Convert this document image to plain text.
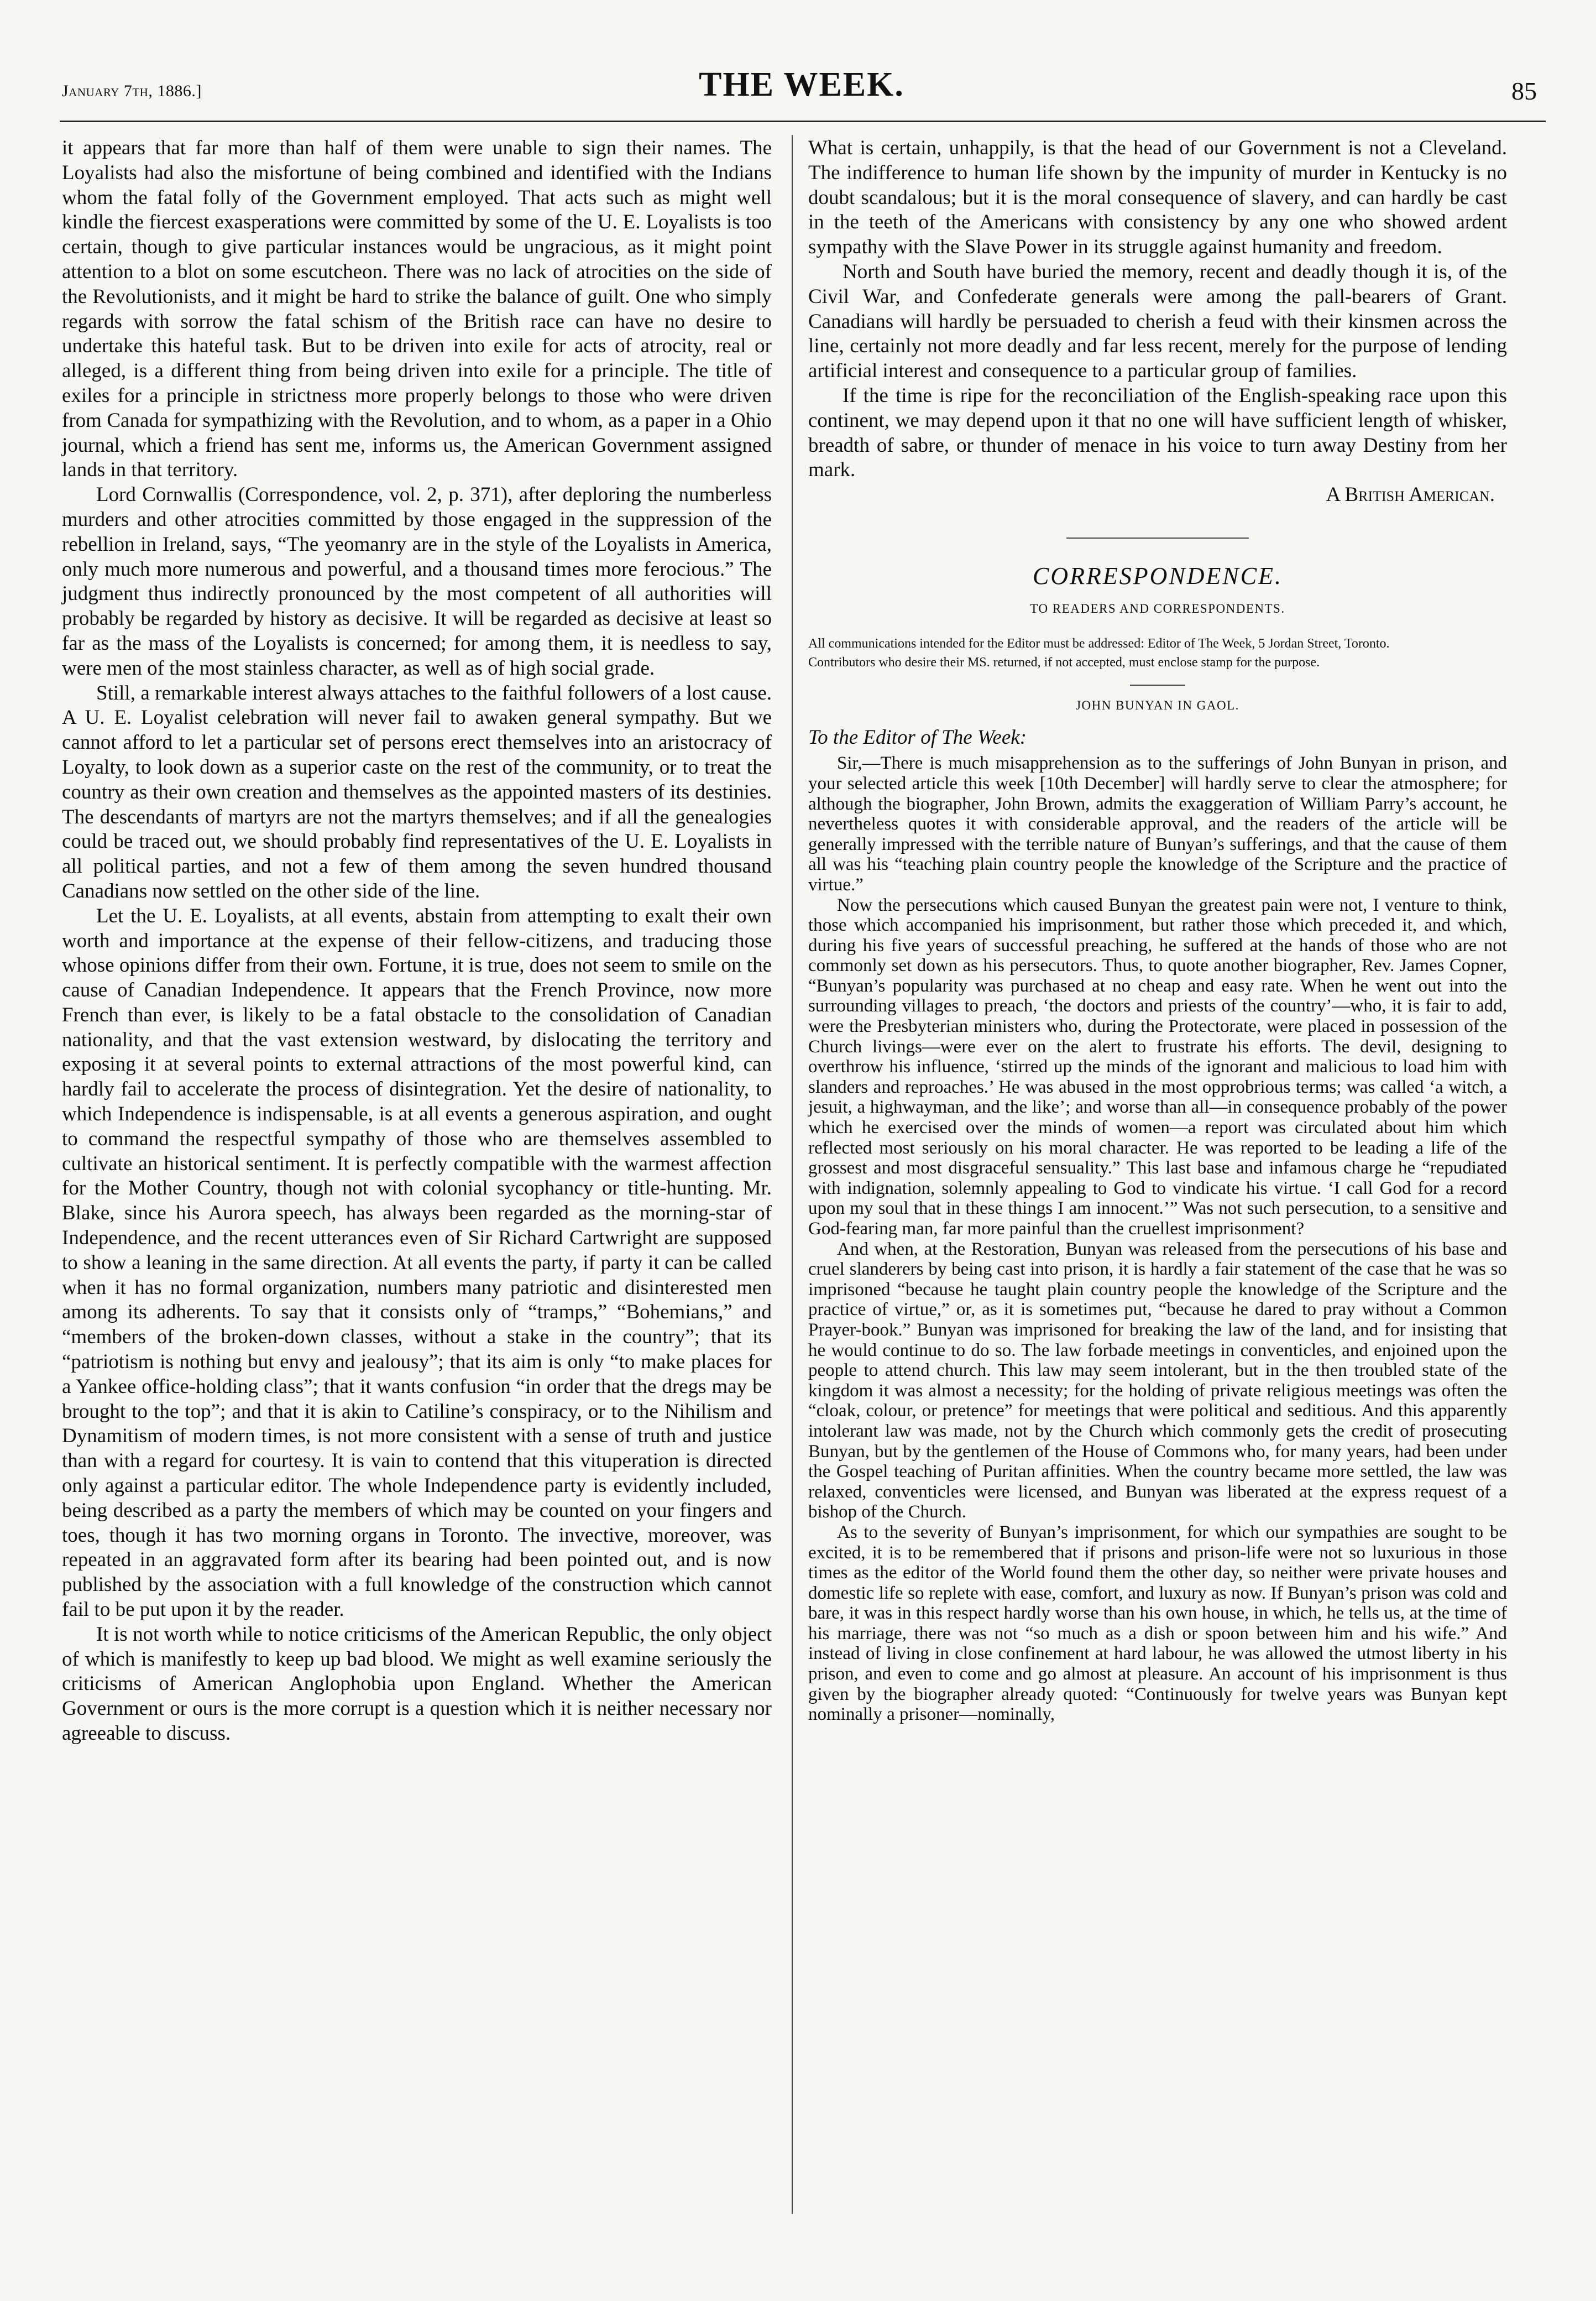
January 7th, 1886.]	THE WEEK.	85

it appears that far more than half of them were unable to sign their names. The Loyalists had also the misfortune of being combined and identified with the Indians whom the fatal folly of the Government employed. That acts such as might well kindle the fiercest exasperations were committed by some of the U. E. Loyalists is too certain, though to give particular instances would be ungracious, as it might point attention to a blot on some escutcheon. There was no lack of atrocities on the side of the Revolutionists, and it might be hard to strike the balance of guilt. One who simply regards with sorrow the fatal schism of the British race can have no desire to undertake this hateful task. But to be driven into exile for acts of atrocity, real or alleged, is a different thing from being driven into exile for a principle. The title of exiles for a principle in strictness more properly belongs to those who were driven from Canada for sympathizing with the Revolution, and to whom, as a paper in a Ohio journal, which a friend has sent me, informs us, the American Government assigned lands in that territory.

Lord Cornwallis (Correspondence, vol. 2, p. 371), after deploring the numberless murders and other atrocities committed by those engaged in the suppression of the rebellion in Ireland, says, “The yeomanry are in the style of the Loyalists in America, only much more numerous and powerful, and a thousand times more ferocious.” The judgment thus indirectly pronounced by the most competent of all authorities will probably be regarded by history as decisive. It will be regarded as decisive at least so far as the mass of the Loyalists is concerned; for among them, it is needless to say, were men of the most stainless character, as well as of high social grade.

Still, a remarkable interest always attaches to the faithful followers of a lost cause. A U. E. Loyalist celebration will never fail to awaken general sympathy. But we cannot afford to let a particular set of persons erect themselves into an aristocracy of Loyalty, to look down as a superior caste on the rest of the community, or to treat the country as their own creation and themselves as the appointed masters of its destinies. The descendants of martyrs are not the martyrs themselves; and if all the genealogies could be traced out, we should probably find representatives of the U. E. Loyalists in all political parties, and not a few of them among the seven hundred thousand Canadians now settled on the other side of the line.

Let the U. E. Loyalists, at all events, abstain from attempting to exalt their own worth and importance at the expense of their fellow-citizens, and traducing those whose opinions differ from their own. Fortune, it is true, does not seem to smile on the cause of Canadian Independence. It appears that the French Province, now more French than ever, is likely to be a fatal obstacle to the consolidation of Canadian nationality, and that the vast extension westward, by dislocating the territory and exposing it at several points to external attractions of the most powerful kind, can hardly fail to accelerate the process of disintegration. Yet the desire of nationality, to which Independence is indispensable, is at all events a generous aspiration, and ought to command the respectful sympathy of those who are themselves assembled to cultivate an historical sentiment. It is perfectly compatible with the warmest affection for the Mother Country, though not with colonial sycophancy or title-hunting. Mr. Blake, since his Aurora speech, has always been regarded as the morning-star of Independence, and the recent utterances even of Sir Richard Cartwright are supposed to show a leaning in the same direction. At all events the party, if party it can be called when it has no formal organization, numbers many patriotic and disinterested men among its adherents. To say that it consists only of “tramps,” “Bohemians,” and “members of the broken-down classes, without a stake in the country”; that its “patriotism is nothing but envy and jealousy”; that its aim is only “to make places for a Yankee office-holding class”; that it wants confusion “in order that the dregs may be brought to the top”; and that it is akin to Catiline’s conspiracy, or to the Nihilism and Dynamitism of modern times, is not more consistent with a sense of truth and justice than with a regard for courtesy. It is vain to contend that this vituperation is directed only against a particular editor. The whole Independence party is evidently included, being described as a party the members of which may be counted on your fingers and toes, though it has two morning organs in Toronto. The invective, moreover, was repeated in an aggravated form after its bearing had been pointed out, and is now published by the association with a full knowledge of the construction which cannot fail to be put upon it by the reader.

It is not worth while to notice criticisms of the American Republic, the only object of which is manifestly to keep up bad blood. We might as well examine seriously the criticisms of American Anglophobia upon England. Whether the American Government or ours is the more corrupt is a question which it is neither necessary nor agreeable to discuss.

What is certain, unhappily, is that the head of our Government is not a Cleveland. The indifference to human life shown by the impunity of murder in Kentucky is no doubt scandalous; but it is the moral consequence of slavery, and can hardly be cast in the teeth of the Americans with consistency by any one who showed ardent sympathy with the Slave Power in its struggle against humanity and freedom.

North and South have buried the memory, recent and deadly though it is, of the Civil War, and Confederate generals were among the pall-bearers of Grant. Canadians will hardly be persuaded to cherish a feud with their kinsmen across the line, certainly not more deadly and far less recent, merely for the purpose of lending artificial interest and consequence to a particular group of families.

If the time is ripe for the reconciliation of the English-speaking race upon this continent, we may depend upon it that no one will have sufficient length of whisker, breadth of sabre, or thunder of menace in his voice to turn away Destiny from her mark.

A British American.
CORRESPONDENCE.
TO READERS AND CORRESPONDENTS.
All communications intended for the Editor must be addressed: Editor of The Week, 5 Jordan Street, Toronto.
Contributors who desire their MS. returned, if not accepted, must enclose stamp for the purpose.
JOHN BUNYAN IN GAOL.
To the Editor of The Week:

Sir,—There is much misapprehension as to the sufferings of John Bunyan in prison, and your selected article this week [10th December] will hardly serve to clear the atmosphere; for although the biographer, John Brown, admits the exaggeration of William Parry’s account, he nevertheless quotes it with considerable approval, and the readers of the article will be generally impressed with the terrible nature of Bunyan’s sufferings, and that the cause of them all was his “teaching plain country people the knowledge of the Scripture and the practice of virtue.”

Now the persecutions which caused Bunyan the greatest pain were not, I venture to think, those which accompanied his imprisonment, but rather those which preceded it, and which, during his five years of successful preaching, he suffered at the hands of those who are not commonly set down as his persecutors. Thus, to quote another biographer, Rev. James Copner, “Bunyan’s popularity was purchased at no cheap and easy rate. When he went out into the surrounding villages to preach, ‘the doctors and priests of the country’—who, it is fair to add, were the Presbyterian ministers who, during the Protectorate, were placed in possession of the Church livings—were ever on the alert to frustrate his efforts. The devil, designing to overthrow his influence, ‘stirred up the minds of the ignorant and malicious to load him with slanders and reproaches.’ He was abused in the most opprobrious terms; was called ‘a witch, a jesuit, a highwayman, and the like’; and worse than all—in consequence probably of the power which he exercised over the minds of women—a report was circulated about him which reflected most seriously on his moral character. He was reported to be leading a life of the grossest and most disgraceful sensuality.” This last base and infamous charge he “repudiated with indignation, solemnly appealing to God to vindicate his virtue. ‘I call God for a record upon my soul that in these things I am innocent.’” Was not such persecution, to a sensitive and God-fearing man, far more painful than the cruellest imprisonment?

And when, at the Restoration, Bunyan was released from the persecutions of his base and cruel slanderers by being cast into prison, it is hardly a fair statement of the case that he was so imprisoned “because he taught plain country people the knowledge of the Scripture and the practice of virtue,” or, as it is sometimes put, “because he dared to pray without a Common Prayer-book.” Bunyan was imprisoned for breaking the law of the land, and for insisting that he would continue to do so. The law forbade meetings in conventicles, and enjoined upon the people to attend church. This law may seem intolerant, but in the then troubled state of the kingdom it was almost a necessity; for the holding of private religious meetings was often the “cloak, colour, or pretence” for meetings that were political and seditious. And this apparently intolerant law was made, not by the Church which commonly gets the credit of prosecuting Bunyan, but by the gentlemen of the House of Commons who, for many years, had been under the Gospel teaching of Puritan affinities. When the country became more settled, the law was relaxed, conventicles were licensed, and Bunyan was liberated at the express request of a bishop of the Church.

As to the severity of Bunyan’s imprisonment, for which our sympathies are sought to be excited, it is to be remembered that if prisons and prison-life were not so luxurious in those times as the editor of the World found them the other day, so neither were private houses and domestic life so replete with ease, comfort, and luxury as now. If Bunyan’s prison was cold and bare, it was in this respect hardly worse than his own house, in which, he tells us, at the time of his marriage, there was not “so much as a dish or spoon between him and his wife.” And instead of living in close confinement at hard labour, he was allowed the utmost liberty in his prison, and even to come and go almost at pleasure. An account of his imprisonment is thus given by the biographer already quoted: “Continuously for twelve years was Bunyan kept nominally a prisoner—nominally,
